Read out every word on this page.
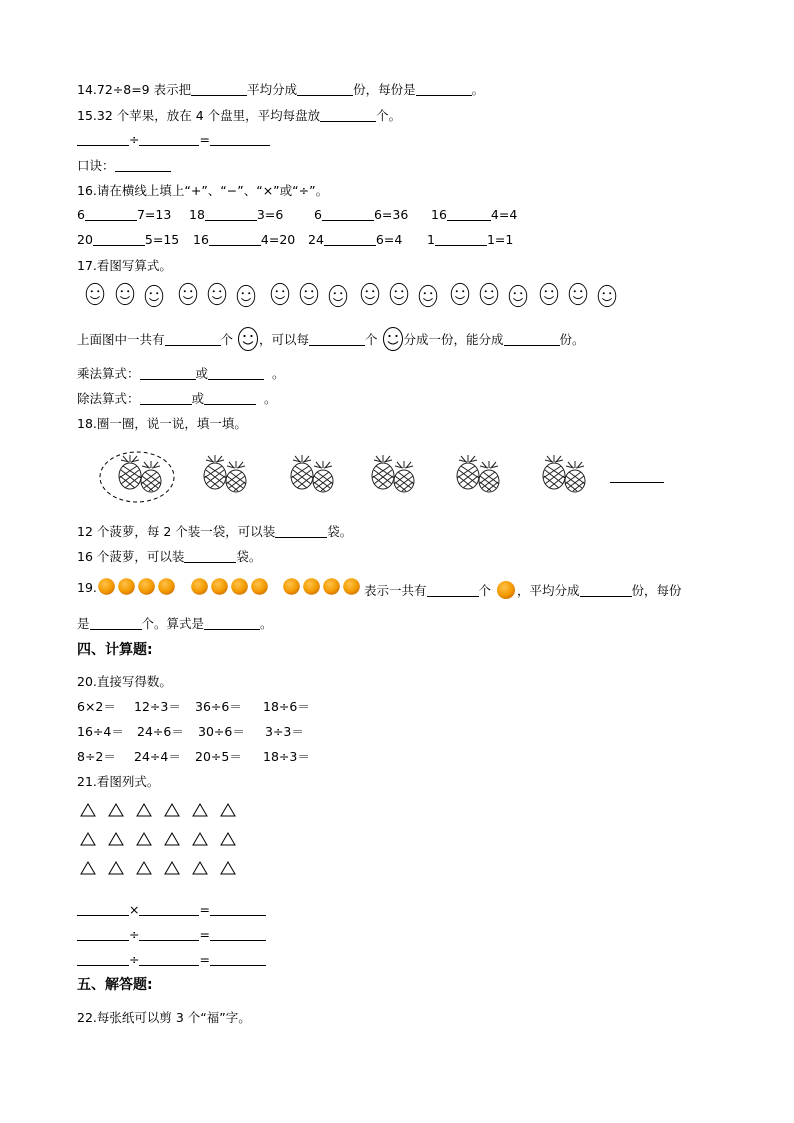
14.72÷8=9 表示把	平均分成	份，每份是	。
15.32 个苹果，放在 4 个盘里，平均每盘放	个。
÷	=
口诀：
16.请在横线上填上“+”、“−”、“×”或“÷”。
6	7=13 18	3=6 6	6=36 16	4=4
20	5=15 16	4=20 24	6=4 1	1=1
17.看图写算式。
上面图中一共有	个 ，可以每	个 分成一份，能分成	份。
乘法算式：	或	。
除法算式：	或	。
18.圈一圈，说一说，填一填。
12 个菠萝，每 2 个装一袋，可以装	袋。
16 个菠萝，可以装	袋。
19.	表示一共有	个 ，平均分成	份，每份
是	个。算式是	。
四、计算题:
20.直接写得数。
6×2＝ 12÷3＝ 36÷6＝ 18÷6＝
16÷4＝ 24÷6＝ 30÷6＝ 3÷3＝
8÷2＝ 24÷4＝ 20÷5＝ 18÷3＝
21.看图列式。
×	=
÷	=
÷	=
五、解答题:
22.每张纸可以剪 3 个“福”字。
